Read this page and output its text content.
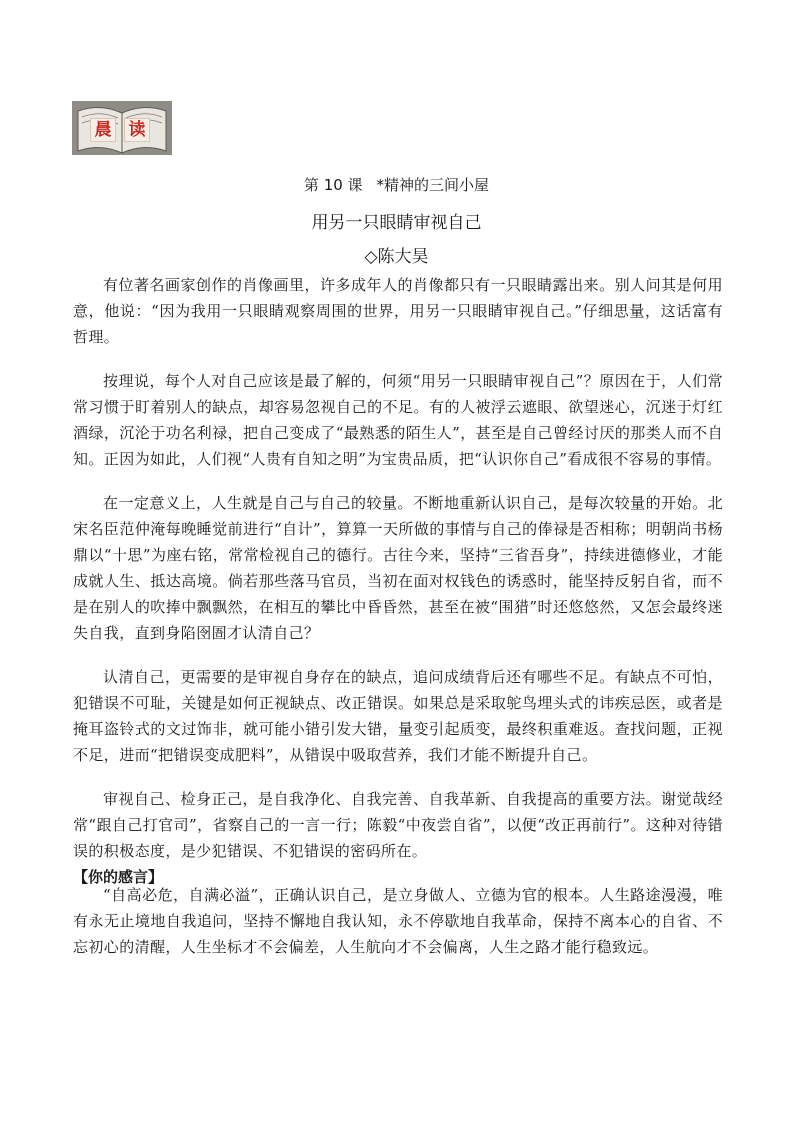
晨 读
第 10 课 *精神的三间小屋
用另一只眼睛审视自己
◇陈大昊

有位著名画家创作的肖像画里，许多成年人的肖像都只有一只眼睛露出来。别人问其是何用意，他说：“因为我用一只眼睛观察周围的世界，用另一只眼睛审视自己。”仔细思量，这话富有哲理。

按理说，每个人对自己应该是最了解的，何须“用另一只眼睛审视自己”？原因在于，人们常常习惯于盯着别人的缺点，却容易忽视自己的不足。有的人被浮云遮眼、欲望迷心，沉迷于灯红酒绿，沉沦于功名利禄，把自己变成了“最熟悉的陌生人”，甚至是自己曾经讨厌的那类人而不自知。正因为如此，人们视“人贵有自知之明”为宝贵品质，把“认识你自己”看成很不容易的事情。

在一定意义上，人生就是自己与自己的较量。不断地重新认识自己，是每次较量的开始。北宋名臣范仲淹每晚睡觉前进行“自计”，算算一天所做的事情与自己的俸禄是否相称；明朝尚书杨鼎以“十思”为座右铭，常常检视自己的德行。古往今来，坚持“三省吾身”，持续进德修业，才能成就人生、抵达高境。倘若那些落马官员，当初在面对权钱色的诱惑时，能坚持反躬自省，而不是在别人的吹捧中飘飘然，在相互的攀比中昏昏然，甚至在被“围猎”时还悠悠然，又怎会最终迷失自我，直到身陷囹圄才认清自己？

认清自己，更需要的是审视自身存在的缺点，追问成绩背后还有哪些不足。有缺点不可怕，犯错误不可耻，关键是如何正视缺点、改正错误。如果总是采取鸵鸟埋头式的讳疾忌医，或者是掩耳盗铃式的文过饰非，就可能小错引发大错，量变引起质变，最终积重难返。查找问题，正视不足，进而“把错误变成肥料”，从错误中吸取营养，我们才能不断提升自己。

审视自己、检身正己，是自我净化、自我完善、自我革新、自我提高的重要方法。谢觉哉经常“跟自己打官司”，省察自己的一言一行；陈毅“中夜尝自省”，以便“改正再前行”。这种对待错误的积极态度，是少犯错误、不犯错误的密码所在。

“自高必危，自满必溢”，正确认识自己，是立身做人、立德为官的根本。人生路途漫漫，唯有永无止境地自我追问，坚持不懈地自我认知，永不停歇地自我革命，保持不离本心的自省、不忘初心的清醒，人生坐标才不会偏差，人生航向才不会偏离，人生之路才能行稳致远。

【你的感言】
